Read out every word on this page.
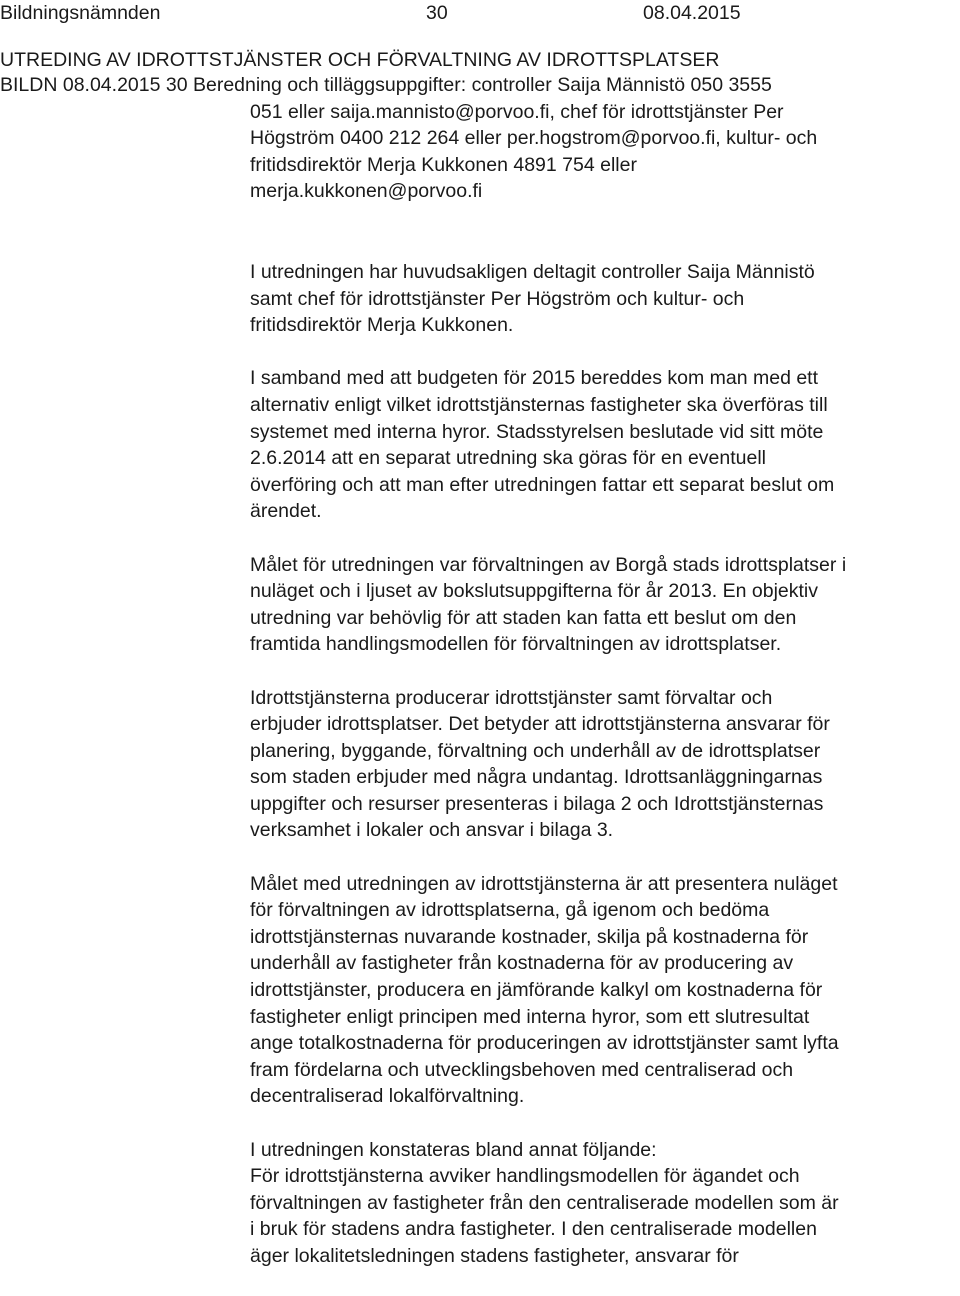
Bildningsnämnden	30	08.04.2015
UTREDING AV IDROTTSTJÄNSTER OCH FÖRVALTNING AV IDROTTSPLATSER
BILDN 08.04.2015 30 Beredning och tilläggsuppgifter: controller Saija Männistö 050 3555
051 eller saija.mannisto@porvoo.fi, chef för idrottstjänster Per
Högström 0400 212 264 eller per.hogstrom@porvoo.fi, kultur- och
fritidsdirektör Merja Kukkonen 4891 754 eller
merja.kukkonen@porvoo.fi
I utredningen har huvudsakligen deltagit controller Saija Männistö
samt chef för idrottstjänster Per Högström och kultur- och
fritidsdirektör Merja Kukkonen.
I samband med att budgeten för 2015 bereddes kom man med ett
alternativ enligt vilket idrottstjänsternas fastigheter ska överföras till
systemet med interna hyror. Stadsstyrelsen beslutade vid sitt möte
2.6.2014 att en separat utredning ska göras för en eventuell
överföring och att man efter utredningen fattar ett separat beslut om
ärendet.
Målet för utredningen var förvaltningen av Borgå stads idrottsplatser i
nuläget och i ljuset av bokslutsuppgifterna för år 2013. En objektiv
utredning var behövlig för att staden kan fatta ett beslut om den
framtida handlingsmodellen för förvaltningen av idrottsplatser.
Idrottstjänsterna producerar idrottstjänster samt förvaltar och
erbjuder idrottsplatser. Det betyder att idrottstjänsterna ansvarar för
planering, byggande, förvaltning och underhåll av de idrottsplatser
som staden erbjuder med några undantag. Idrottsanläggningarnas
uppgifter och resurser presenteras i bilaga 2 och Idrottstjänsternas
verksamhet i lokaler och ansvar i bilaga 3.
Målet med utredningen av idrottstjänsterna är att presentera nuläget
för förvaltningen av idrottsplatserna, gå igenom och bedöma
idrottstjänsternas nuvarande kostnader, skilja på kostnaderna för
underhåll av fastigheter från kostnaderna för av producering av
idrottstjänster, producera en jämförande kalkyl om kostnaderna för
fastigheter enligt principen med interna hyror, som ett slutresultat
ange totalkostnaderna för produceringen av idrottstjänster samt lyfta
fram fördelarna och utvecklingsbehoven med centraliserad och
decentraliserad lokalförvaltning.
I utredningen konstateras bland annat följande:
För idrottstjänsterna avviker handlingsmodellen för ägandet och
förvaltningen av fastigheter från den centraliserade modellen som är
i bruk för stadens andra fastigheter. I den centraliserade modellen
äger lokalitetsledningen stadens fastigheter, ansvarar för
